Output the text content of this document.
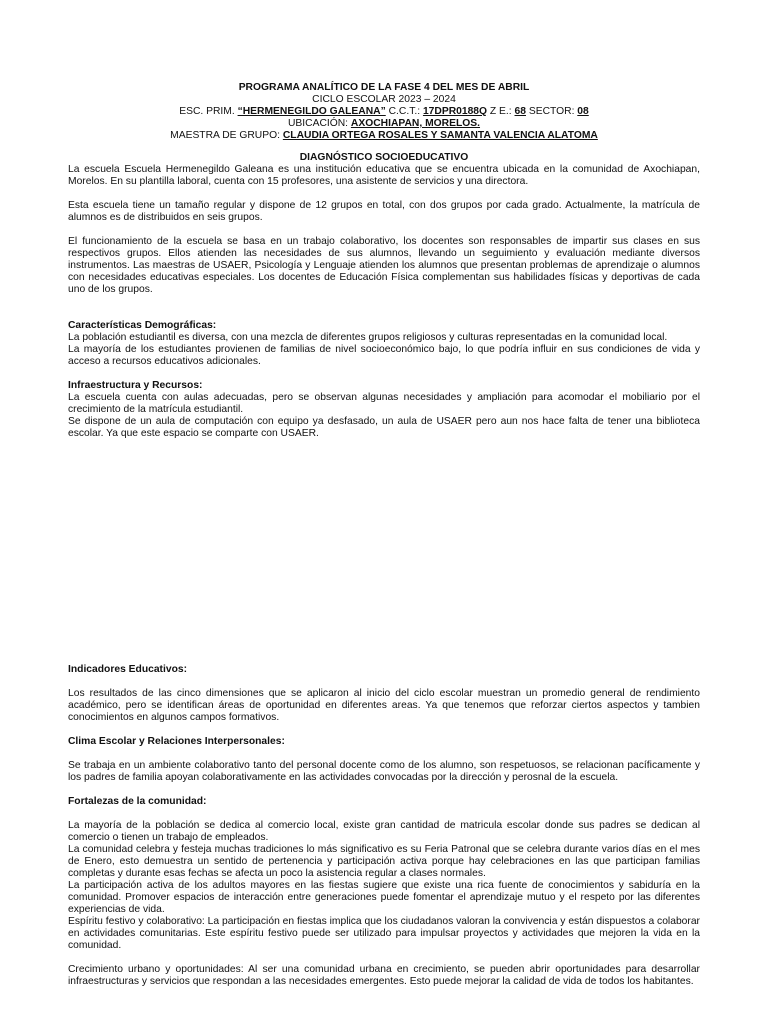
PROGRAMA ANALÍTICO DE LA FASE 4 DEL MES DE ABRIL
CICLO ESCOLAR 2023 – 2024
ESC. PRIM. “HERMENEGILDO GALEANA” C.C.T.: 17DPR0188Q Z E.: 68 SECTOR: 08
UBICACIÓN: AXOCHIAPAN, MORELOS.
MAESTRA DE GRUPO: CLAUDIA ORTEGA ROSALES Y SAMANTA VALENCIA ALATOMA
DIAGNÓSTICO SOCIOEDUCATIVO

La escuela Escuela Hermenegildo Galeana es una institución educativa que se encuentra ubicada en la comunidad de Axochiapan, Morelos. En su plantilla laboral, cuenta con 15 profesores, una asistente de servicios y una directora.

Esta escuela tiene un tamaño regular y dispone de 12 grupos en total, con dos grupos por cada grado. Actualmente, la matrícula de alumnos es de distribuidos en seis grupos.

El funcionamiento de la escuela se basa en un trabajo colaborativo, los docentes son responsables de impartir sus clases en sus respectivos grupos. Ellos atienden las necesidades de sus alumnos, llevando un seguimiento y evaluación mediante diversos instrumentos. Las maestras de USAER, Psicología y Lenguaje atienden los alumnos que presentan problemas de aprendizaje o alumnos con necesidades educativas especiales. Los docentes de Educación Física complementan sus habilidades físicas y deportivas de cada uno de los grupos.

Características Demográficas:

La población estudiantil es diversa, con una mezcla de diferentes grupos religiosos y culturas representadas en la comunidad local.

La mayoría de los estudiantes provienen de familias de nivel socioeconómico bajo, lo que podría influir en sus condiciones de vida y acceso a recursos educativos adicionales.

Infraestructura y Recursos:

La escuela cuenta con aulas adecuadas, pero se observan algunas necesidades y ampliación para acomodar el mobiliario por el crecimiento de la matrícula estudiantil.

Se dispone de un aula de computación con equipo ya desfasado, un aula de USAER pero aun nos hace falta de tener una biblioteca escolar. Ya que este espacio se comparte con USAER.

Indicadores Educativos:

Los resultados de las cinco dimensiones que se aplicaron al inicio del ciclo escolar muestran un promedio general de rendimiento académico, pero se identifican áreas de oportunidad en diferentes areas. Ya que tenemos que reforzar ciertos aspectos y tambien conocimientos en algunos campos formativos.

Clima Escolar y Relaciones Interpersonales:

Se trabaja en un ambiente colaborativo tanto del personal docente como de los alumno, son respetuosos, se relacionan pacíficamente y los padres de familia apoyan colaborativamente en las actividades convocadas por la dirección y perosnal de la escuela.

Fortalezas de la comunidad:

La mayoría de la población se dedica al comercio local, existe gran cantidad de matricula escolar donde sus padres se dedican al comercio o tienen un trabajo de empleados.

La comunidad celebra y festeja muchas tradiciones lo más significativo es su Feria Patronal que se celebra durante varios días en el mes de Enero, esto demuestra un sentido de pertenencia y participación activa porque hay celebraciones en las que participan familias completas y durante esas fechas se afecta un poco la asistencia regular a clases normales.

La participación activa de los adultos mayores en las fiestas sugiere que existe una rica fuente de conocimientos y sabiduría en la comunidad. Promover espacios de interacción entre generaciones puede fomentar el aprendizaje mutuo y el respeto por las diferentes experiencias de vida.

Espíritu festivo y colaborativo: La participación en fiestas implica que los ciudadanos valoran la convivencia y están dispuestos a colaborar en actividades comunitarias. Este espíritu festivo puede ser utilizado para impulsar proyectos y actividades que mejoren la vida en la comunidad.

Crecimiento urbano y oportunidades: Al ser una comunidad urbana en crecimiento, se pueden abrir oportunidades para desarrollar infraestructuras y servicios que respondan a las necesidades emergentes. Esto puede mejorar la calidad de vida de todos los habitantes.
